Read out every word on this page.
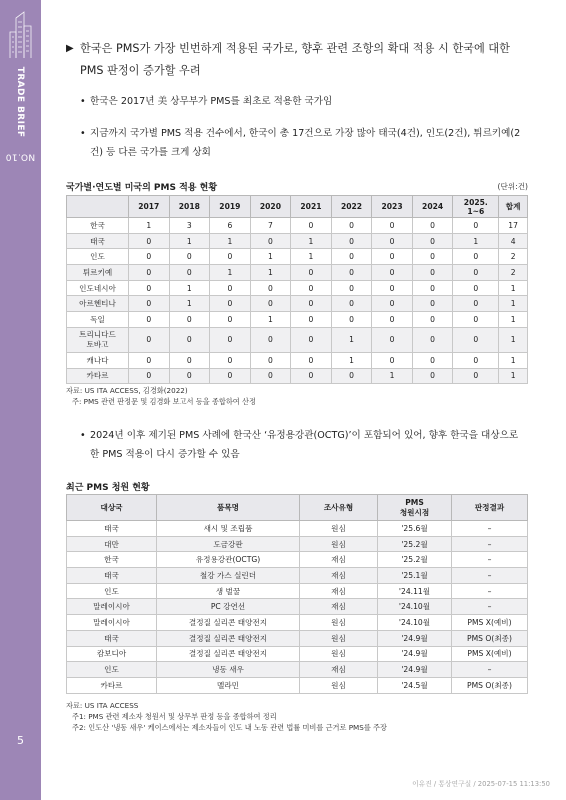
TRADE BRIEFNO.10
5
▶ 한국은 PMS가 가장 빈번하게 적용된 국가로, 향후 관련 조항의 확대 적용 시 한국에 대한 PMS 판정이 증가할 우려
• 한국은 2017년 美 상무부가 PMS를 최초로 적용한 국가임
• 지금까지 국가별 PMS 적용 건수에서, 한국이 총 17건으로 가장 많아 태국(4건), 인도(2건), 튀르키예(2건) 등 다른 국가를 크게 상회
국가별·연도별 미국의 PMS 적용 현황	(단위:건)
	2017	2018	2019	2020	2021	2022	2023	2024	2025.
1~6	합계
한국	1	3	6	7	0	0	0	0	0	17
태국	0	1	1	0	1	0	0	0	1	4
인도	0	0	0	1	1	0	0	0	0	2
튀르키예	0	0	1	1	0	0	0	0	0	2
인도네시아	0	1	0	0	0	0	0	0	0	1
아르헨티나	0	1	0	0	0	0	0	0	0	1
독일	0	0	0	1	0	0	0	0	0	1
트리니다드
토바고	0	0	0	0	0	1	0	0	0	1
캐나다	0	0	0	0	0	1	0	0	0	1
카타르	0	0	0	0	0	0	1	0	0	1
자료: US ITA ACCESS, 김경화(2022)
주: PMS 관련 판정문 및 김경화 보고서 등을 종합하여 산정
• 2024년 이후 제기된 PMS 사례에 한국산 ‘유정용강관(OCTG)’이 포함되어 있어, 향후 한국을 대상으로 한 PMS 적용이 다시 증가할 수 있음
최근 PMS 청원 현황
대상국	품목명	조사유형	PMS
청원시점	판정결과
태국	새시 및 조립품	원심	'25.6월	–
대만	도금강판	원심	'25.2월	–
한국	유정용강관(OCTG)	재심	'25.2월	–
태국	철강 가스 실린더	재심	'25.1월	–
인도	생 벌꿀	재심	'24.11월	–
말레이시아	PC 강연선	재심	'24.10월	–
말레이시아	결정질 실리콘 태양전지	원심	'24.10월	PMS X(예비)
태국	결정질 실리콘 태양전지	원심	'24.9월	PMS O(최종)
캄보디아	결정질 실리콘 태양전지	원심	'24.9월	PMS X(예비)
인도	냉동 새우	재심	'24.9월	–
카타르	멜라민	원심	'24.5월	PMS O(최종)
자료: US ITA ACCESS
주1: PMS 관련 제소자 청원서 및 상무부 판정 등을 종합하여 정리
주2: 인도산 '냉동 새우' 케이스에서는 제소자들이 인도 내 노동 관련 법률 미비를 근거로 PMS를 주장
이유진 / 통상연구실 / 2025-07-15 11:13:50
